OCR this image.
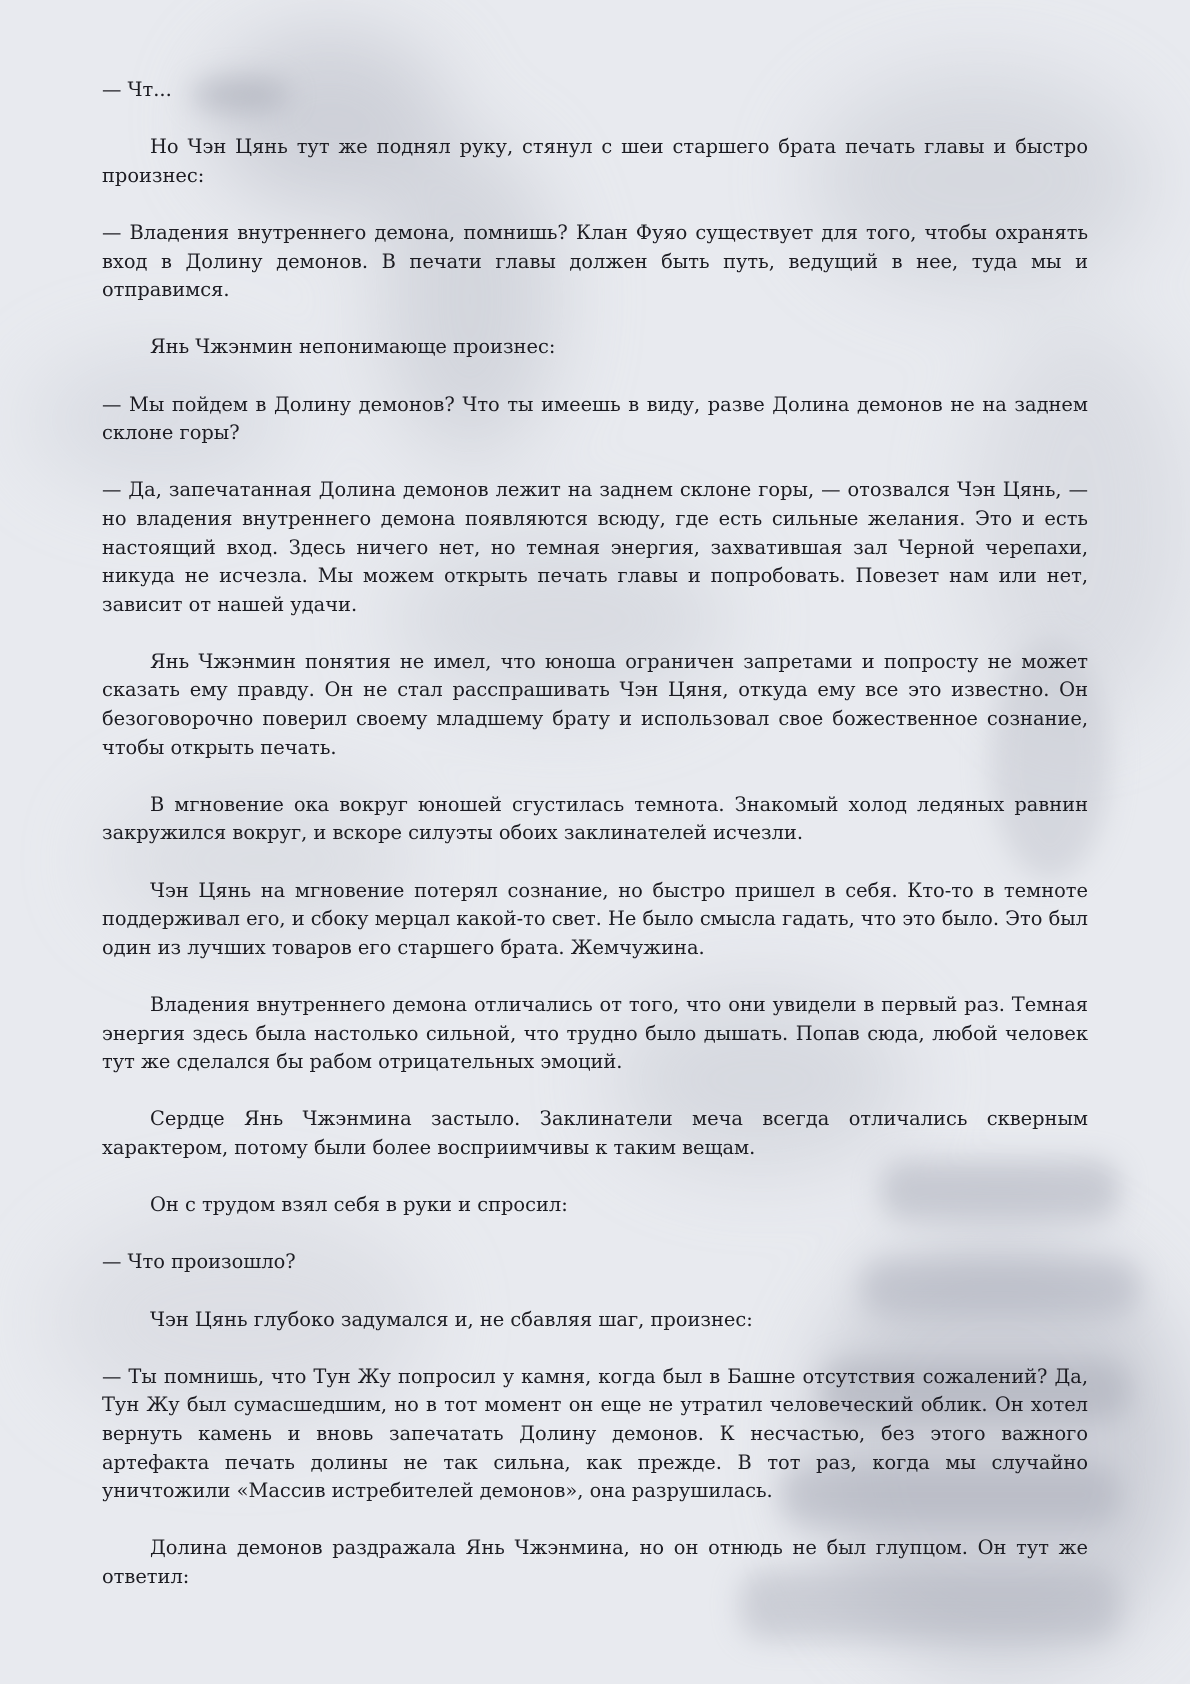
— Чт...

Но Чэн Цянь тут же поднял руку, стянул с шеи старшего брата печать главы и быстро произнес:

— Владения внутреннего демона, помнишь? Клан Фуяо существует для того, чтобы охранять вход в Долину демонов. В печати главы должен быть путь, ведущий в нее, туда мы и отправимся.

Янь Чжэнмин непонимающе произнес:

— Мы пойдем в Долину демонов? Что ты имеешь в виду, разве Долина демонов не на заднем склоне горы?

— Да, запечатанная Долина демонов лежит на заднем склоне горы, — отозвался Чэн Цянь, — но владения внутреннего демона появляются всюду, где есть сильные желания. Это и есть настоящий вход. Здесь ничего нет, но темная энергия, захватившая зал Черной черепахи, никуда не исчезла. Мы можем открыть печать главы и попробовать. Повезет нам или нет, зависит от нашей удачи.

Янь Чжэнмин понятия не имел, что юноша ограничен запретами и попросту не может сказать ему правду. Он не стал расспрашивать Чэн Цяня, откуда ему все это известно. Он безоговорочно поверил своему младшему брату и использовал свое божественное сознание, чтобы открыть печать.

В мгновение ока вокруг юношей сгустилась темнота. Знакомый холод ледяных равнин закружился вокруг, и вскоре силуэты обоих заклинателей исчезли.

Чэн Цянь на мгновение потерял сознание, но быстро пришел в себя. Кто-то в темноте поддерживал его, и сбоку мерцал какой-то свет. Не было смысла гадать, что это было. Это был один из лучших товаров его старшего брата. Жемчужина.

Владения внутреннего демона отличались от того, что они увидели в первый раз. Темная энергия здесь была настолько сильной, что трудно было дышать. Попав сюда, любой человек тут же сделался бы рабом отрицательных эмоций.

Сердце Янь Чжэнмина застыло. Заклинатели меча всегда отличались скверным характером, потому были более восприимчивы к таким вещам.

Он с трудом взял себя в руки и спросил:

— Что произошло?

Чэн Цянь глубоко задумался и, не сбавляя шаг, произнес:

— Ты помнишь, что Тун Жу попросил у камня, когда был в Башне отсутствия сожалений? Да, Тун Жу был сумасшедшим, но в тот момент он еще не утратил человеческий облик. Он хотел вернуть камень и вновь запечатать Долину демонов. К несчастью, без этого важного артефакта печать долины не так сильна, как прежде. В тот раз, когда мы случайно уничтожили «Массив истребителей демонов», она разрушилась.

Долина демонов раздражала Янь Чжэнмина, но он отнюдь не был глупцом. Он тут же ответил:
